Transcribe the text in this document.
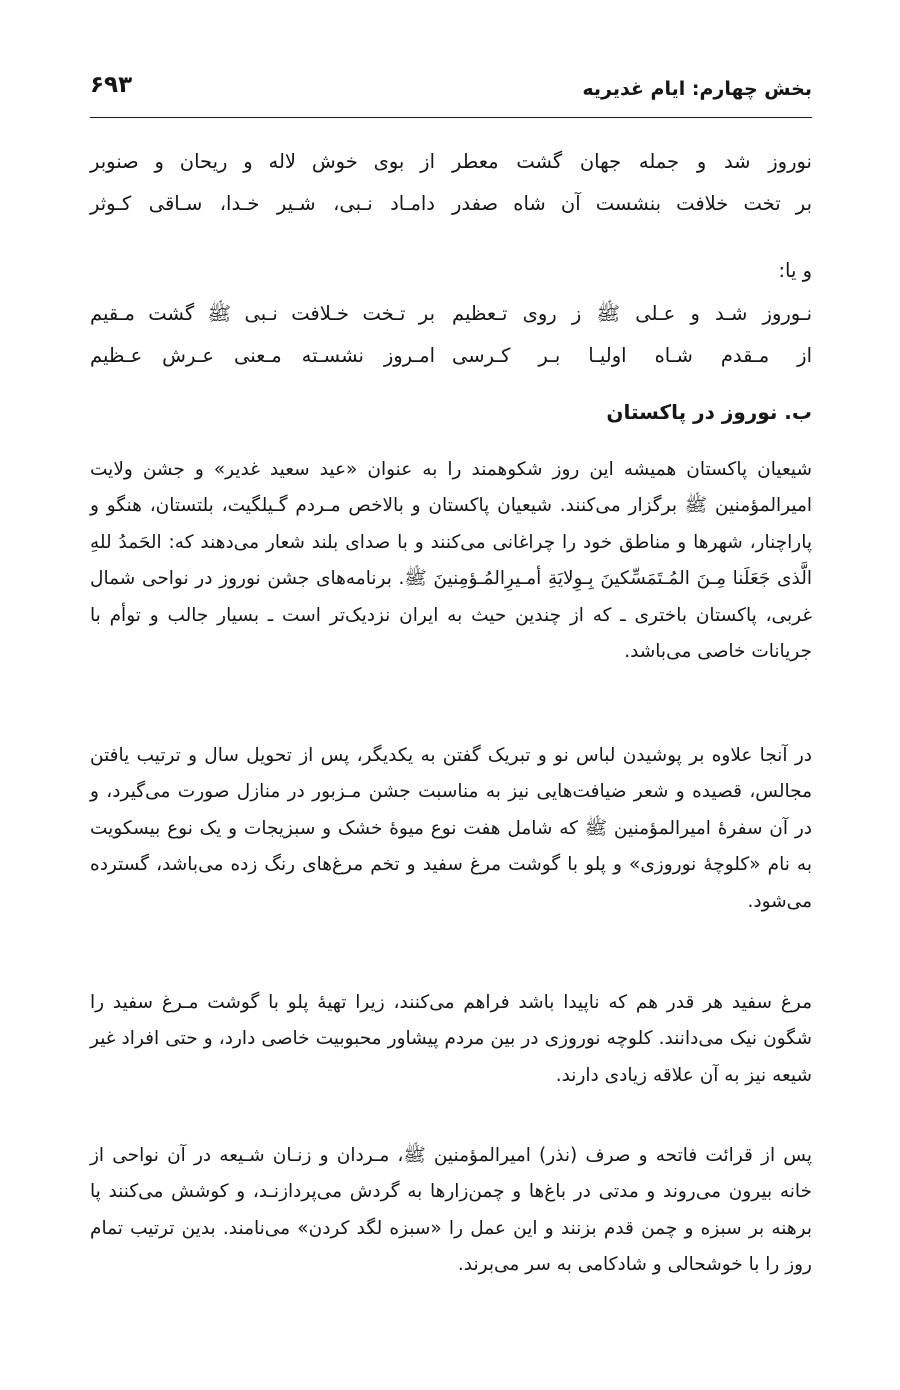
بخش چهارم: ایام غدیریه
۶۹۳
نوروز شد و جمله جهان گشت معطر
از بوی خوش لاله و ریحان و صنوبر
بر تخت خلافت بنشست آن شاه صفدر
دامـاد نـبی، شـیر خـدا، سـاقی کـوثر
و یا:
نـوروز شـد و عـلی ﷺ ز روی تـعظیم
بر تـخت خـلافت نـبی ﷺ گشت مـقیم
از مـقدم شـاه اولیـا بـر کـرسی
امـروز نشسـته مـعنی عـرش عـظیم
ب. نوروز در پاکستان

شیعیان پاکستان همیشه این روز شکوهمند را به عنوان «عید سعید غدیر» و جشن ولایت امیرالمؤمنین ﷺ برگزار می‌کنند. شیعیان پاکستان و بالاخص مـردم گـیلگیت، بلتستان، هنگو و پاراچنار، شهرها و مناطق خود را چراغانی می‌کنند و با صدای بلند شعار می‌دهند که: الحَمدُ للهِ الَّذی جَعَلَنا مِـنَ المُـتَمَسِّکینَ بِـوِلایَةِ أمـیرِالمُـؤمِنینَ ﷺ. برنامه‌های جشن نوروز در نواحی شمال غربی، پاکستان باختری ـ که از چندین حیث به ایران نزدیک‌تر است ـ بسیار جالب و توأم با جریانات خاصی می‌باشد.

در آنجا علاوه بر پوشیدن لباس نو و تبریک گفتن به یکدیگر، پس از تحویل سال و ترتیب یافتن مجالس، قصیده و شعر ضیافت‌هایی نیز به مناسبت جشن مـزبور در منازل صورت می‌گیرد، و در آن سفرهٔ امیرالمؤمنین ﷺ که شامل هفت نوع میوهٔ خشک و سبزیجات و یک نوع بیسکویت به نام «کلوچهٔ نوروزی» و پلو با گوشت مرغ سفید و تخم مرغ‌های رنگ زده می‌باشد، گسترده می‌شود.

مرغ سفید هر قدر هم که ناپیدا باشد فراهم می‌کنند، زیرا تهیهٔ پلو با گوشت مـرغ سفید را شگون نیک می‌دانند. کلوچه نوروزی در بین مردم پیشاور محبوبیت خاصی دارد، و حتی افراد غیر شیعه نیز به آن علاقه زیادی دارند.

پس از قرائت فاتحه و صرف (نذر) امیرالمؤمنین ﷺ، مـردان و زنـان شـیعه در آن نواحی از خانه بیرون می‌روند و مدتی در باغ‌ها و چمن‌زارها به گردش می‌پردازنـد، و کوشش می‌کنند پا برهنه بر سبزه و چمن قدم بزنند و این عمل را «سبزه لگد کردن» می‌نامند. بدین ترتیب تمام روز را با خوشحالی و شادکامی به سر می‌برند.
